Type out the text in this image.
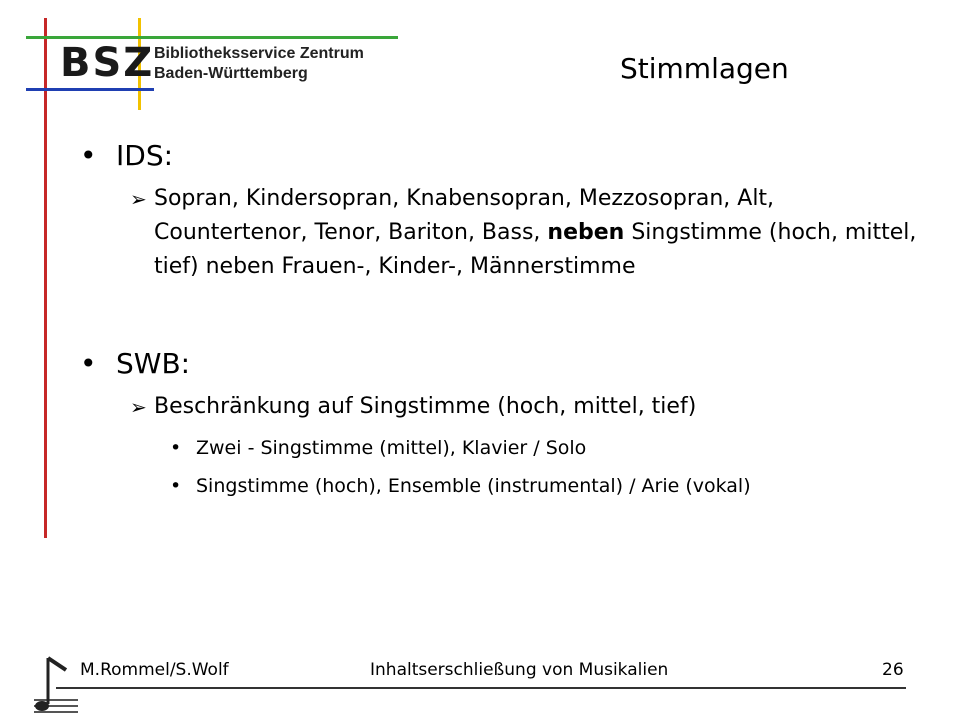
BSZ Bibliotheksservice Zentrum
Baden-Württemberg	Stimmlagen
• IDS:
➢ Sopran, Kindersopran, Knabensopran, Mezzosopran, Alt, Countertenor, Tenor, Bariton, Bass, neben Singstimme (hoch, mittel, tief) neben Frauen-, Kinder-, Männerstimme
• SWB:
➢ Beschränkung auf Singstimme (hoch, mittel, tief)
• Zwei - Singstimme (mittel), Klavier / Solo
• Singstimme (hoch), Ensemble (instrumental) / Arie (vokal)
M.Rommel/S.Wolf	Inhaltserschließung von Musikalien	26
